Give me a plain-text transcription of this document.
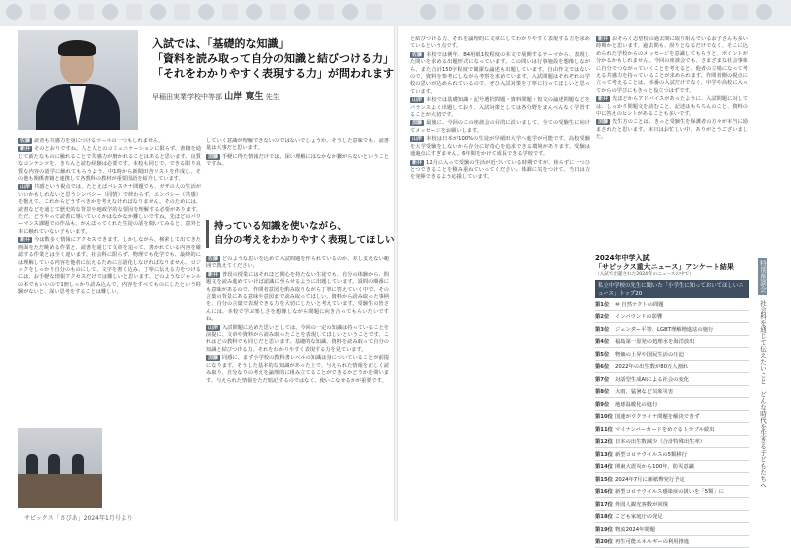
入試では、「基礎的な知識」
「資料を読み取って自分の知識と結びつける力」
「それをわかりやすく表現する力」が問われます
早稲田実業学校中等部 山岸 寛生 先生

佐藤 読者も共感力を身につけるツールの一つもしれません。

新井 そのとおりですね。人と人とのコミュニケーションに限らず、書籍を通じて新たなものに触れることで共感力が磨かれることはあると思います。良質なコンテンツを、きちんと読む経験は必要です。本校も同じで、できる限り良質な内容の語学に触れてもらうよう、中1時から新聞田舎リストを作成し、その他も関係書籍と連携して各教科の教材が重要国語を紹介しています。

山岸 共感という視点では、たとえばパレスチナ問題でも、ガザの人の生活がいいかもしれないと思うシンパシー（同情）で終わらず、エンパシー（共感）を抱えて、これからどうすべきかを考えなければなりません。そのためには、読書などを通じて歴史的な背景や地政学的な要因を理解する必要があります。ただ、どうやって読書に導いていくかはなかなか難しいですね。先ほどのパワーマンス課題での作品も、がんばってくれた生徒の話を聞いてみると、意外と本に触れていない子もいます。

新井 今は数多く情報にアクセスできます。しかしながら、検索して出てきた画面をただ眺める作業と、読書を通じて文章を追って、書かれている内容を確認する作業とは全く違います。社会科に限らず、物理でも化学でも、最終的には理解している内容を他者に伝えるために言語化しなければなりません。ロジックをしっかり自分のものにして、文字を書く込み、丁寧に伝える力をつけるには、お手軽な情報アクセスだけでは難しいと思います。どのようなジャンルの本でもいいので1冊しっかり読み込んで、内容をすべてものにしたという経験がないと、深い思考をすることは難しい。

していく意識が理解できないのではないでしょうか。そうした意味でも、読書量は大事だと思います。

加藤 手軽に得た情報だけでは、深い理解にはなかなか繋がらないということですね。

持っている知識を使いながら、
自分の考えをわかりやすく表現してほしい

佐藤 どのような思いを込めて入試問題を作られているのか、差し支えない範囲で教えてください。

新井 普段の授業にはそれほど関心を持たない生徒でも、自分の体験から、問題文を読み進めていけば認識に至らせるように出題しています。設問の順番にも意味があるので、作問者意図を酌み取りながら丁寧に答えていく中で、その言葉の背景にある意味や意図まで読み取ってほしい。資料から読み取った事柄を、自分の言葉で表現できる力を大切にしたいと考えています。受験生の皆さんには、本校で学ぶ楽しさを想像しながら問題に向き合ってもらいたいですね。

山岸 入試問題に込めた思いとしては、今回の一定の知識は持っていることを前提に、文章や資料から読み取ったことを表現してほしいということです。これはどの教科でも同じだと思います。基礎的な知識、資料を読み取って自分の知識と結びつける力、それをわかりやすく表現する力を見ています。

加藤 同感に、まず小学校の教科書レベルの知識は身についていることが前提になります。そうした基本的な知識があった上で、与えられた情報を正しく読み取り、自分なりの考えを論理的に組み立てることができるかどうかを問います。与えられた情報をただ暗記するのではなく、使いこなせるかが重要です。

と結びつける力、それを論理的に文章にしてわかりやすく表現する力を求めているという点です。

佐藤 本校では例年、B4用紙1枚程度の本文で展開するテーマから、表現した問いを求める出題形式になっています。この問いは行事施設を想像しながら、また合計150字程度で簡潔な論述も出題しています。自由作文ではないので、資料を参考にしながら考察を求めています。入試問題はそれぞれの学校の思いが込められているので、ぜひ入試対策を丁寧に行ってほしいと思っています。

山岸 本校では基礎知識・記号選択問題・資料問題・短文の論述問題などをバランスよく出題しており、入試対策としては各分野をまんべんなく学習することが大切です。

加藤 最後に、今回のこの座談会の目的に沿いまして、全ての受験生に向けてメッセージをお願いします。

山岸 本校は日本が100%の生徒が早稲田大学へ進学が可能です。高校受験を大学受験をしないから存分に好奇心を追求できる環境があります。受験は通過点にすぎません。6年間をかけて成長できる学校です。

新井 12月に入って受験の生活が近づいている時期ですが、焦らずに一つひとつできることを積み重ねていってください。体調に気をつけて、当日は力を発揮できるよう応援しています。

新井 おそらく志望校の過去問に取り組んでいるお子さんも多い時期かと思います。過去問も、誤りとなるだけでなく、そこに込められた学校からのメッセージを意識してもらうと、ポイントが分かるかもしれません。今回の座談会でも、さまざまな社会事象に自分でつながっていくことを考えると、他者の立場になって考える共感力を持っていることが求められます。作問者側の視点に立って考えることは、本番の入試だけでなく、中学や高校に入ってからの学びにもきっと役立つはずです。

新井 先ほどからアドバイスがあったように、入試問題に対しては、しっかり問題文を読むこと。記述はもちろんのこと、資料の中に答えのヒントがあることも多いです。

加藤 先生方のことは、きっと受験生を保護者の方々が本当に励まされたと思います。本日はお忙しい中、ありがとうございました。

2024年中学入試
「サピックス重大ニュース」アンケート結果
（入試で出題された2024年のニュースの中で）
私立中学校の先生に聞いた「小学生に知っておいてほしいニュース」トップ20
第1位	⑩ 自然テクトの問題
第2位	インバウンドの影響
第3位	ジェンダー平等、LGBT理解増進法の施行
第4位	福島第一原発の処理水を海洋放出
第5位	物価の上昇や国民生活の圧迫
第6位	2022年の出生数が80万人割れ
第7位	対話型生成AIによる社会の変化
第8位	大雨、猛暑など気象災害
第9位	地球温暖化の進行
第10位 国連がウクライナ問題を解決できず
第11位 マイナンバーカードをめぐるトラブル続出
第12位 日本の出生数減少（合計特殊出生率）
第13位 新型コロナウイルスの5類移行
第14位 関東大震災から100年、防災意識
第15位 2024年7月に新紙幣発行予定
第16位 新型コロナウイルス感染症の扱いを「5類」に
第17位 外国人観光客数が回復
第18位 こども家庭庁の発足
第19位 物流2024年問題
第20位 再生可能エネルギーの利用推進
特別座談会 社会科を通じて伝えたいこと　どんな時代を生きる子どもたちへ
サピックス「さぴあ」2024年1月号より
